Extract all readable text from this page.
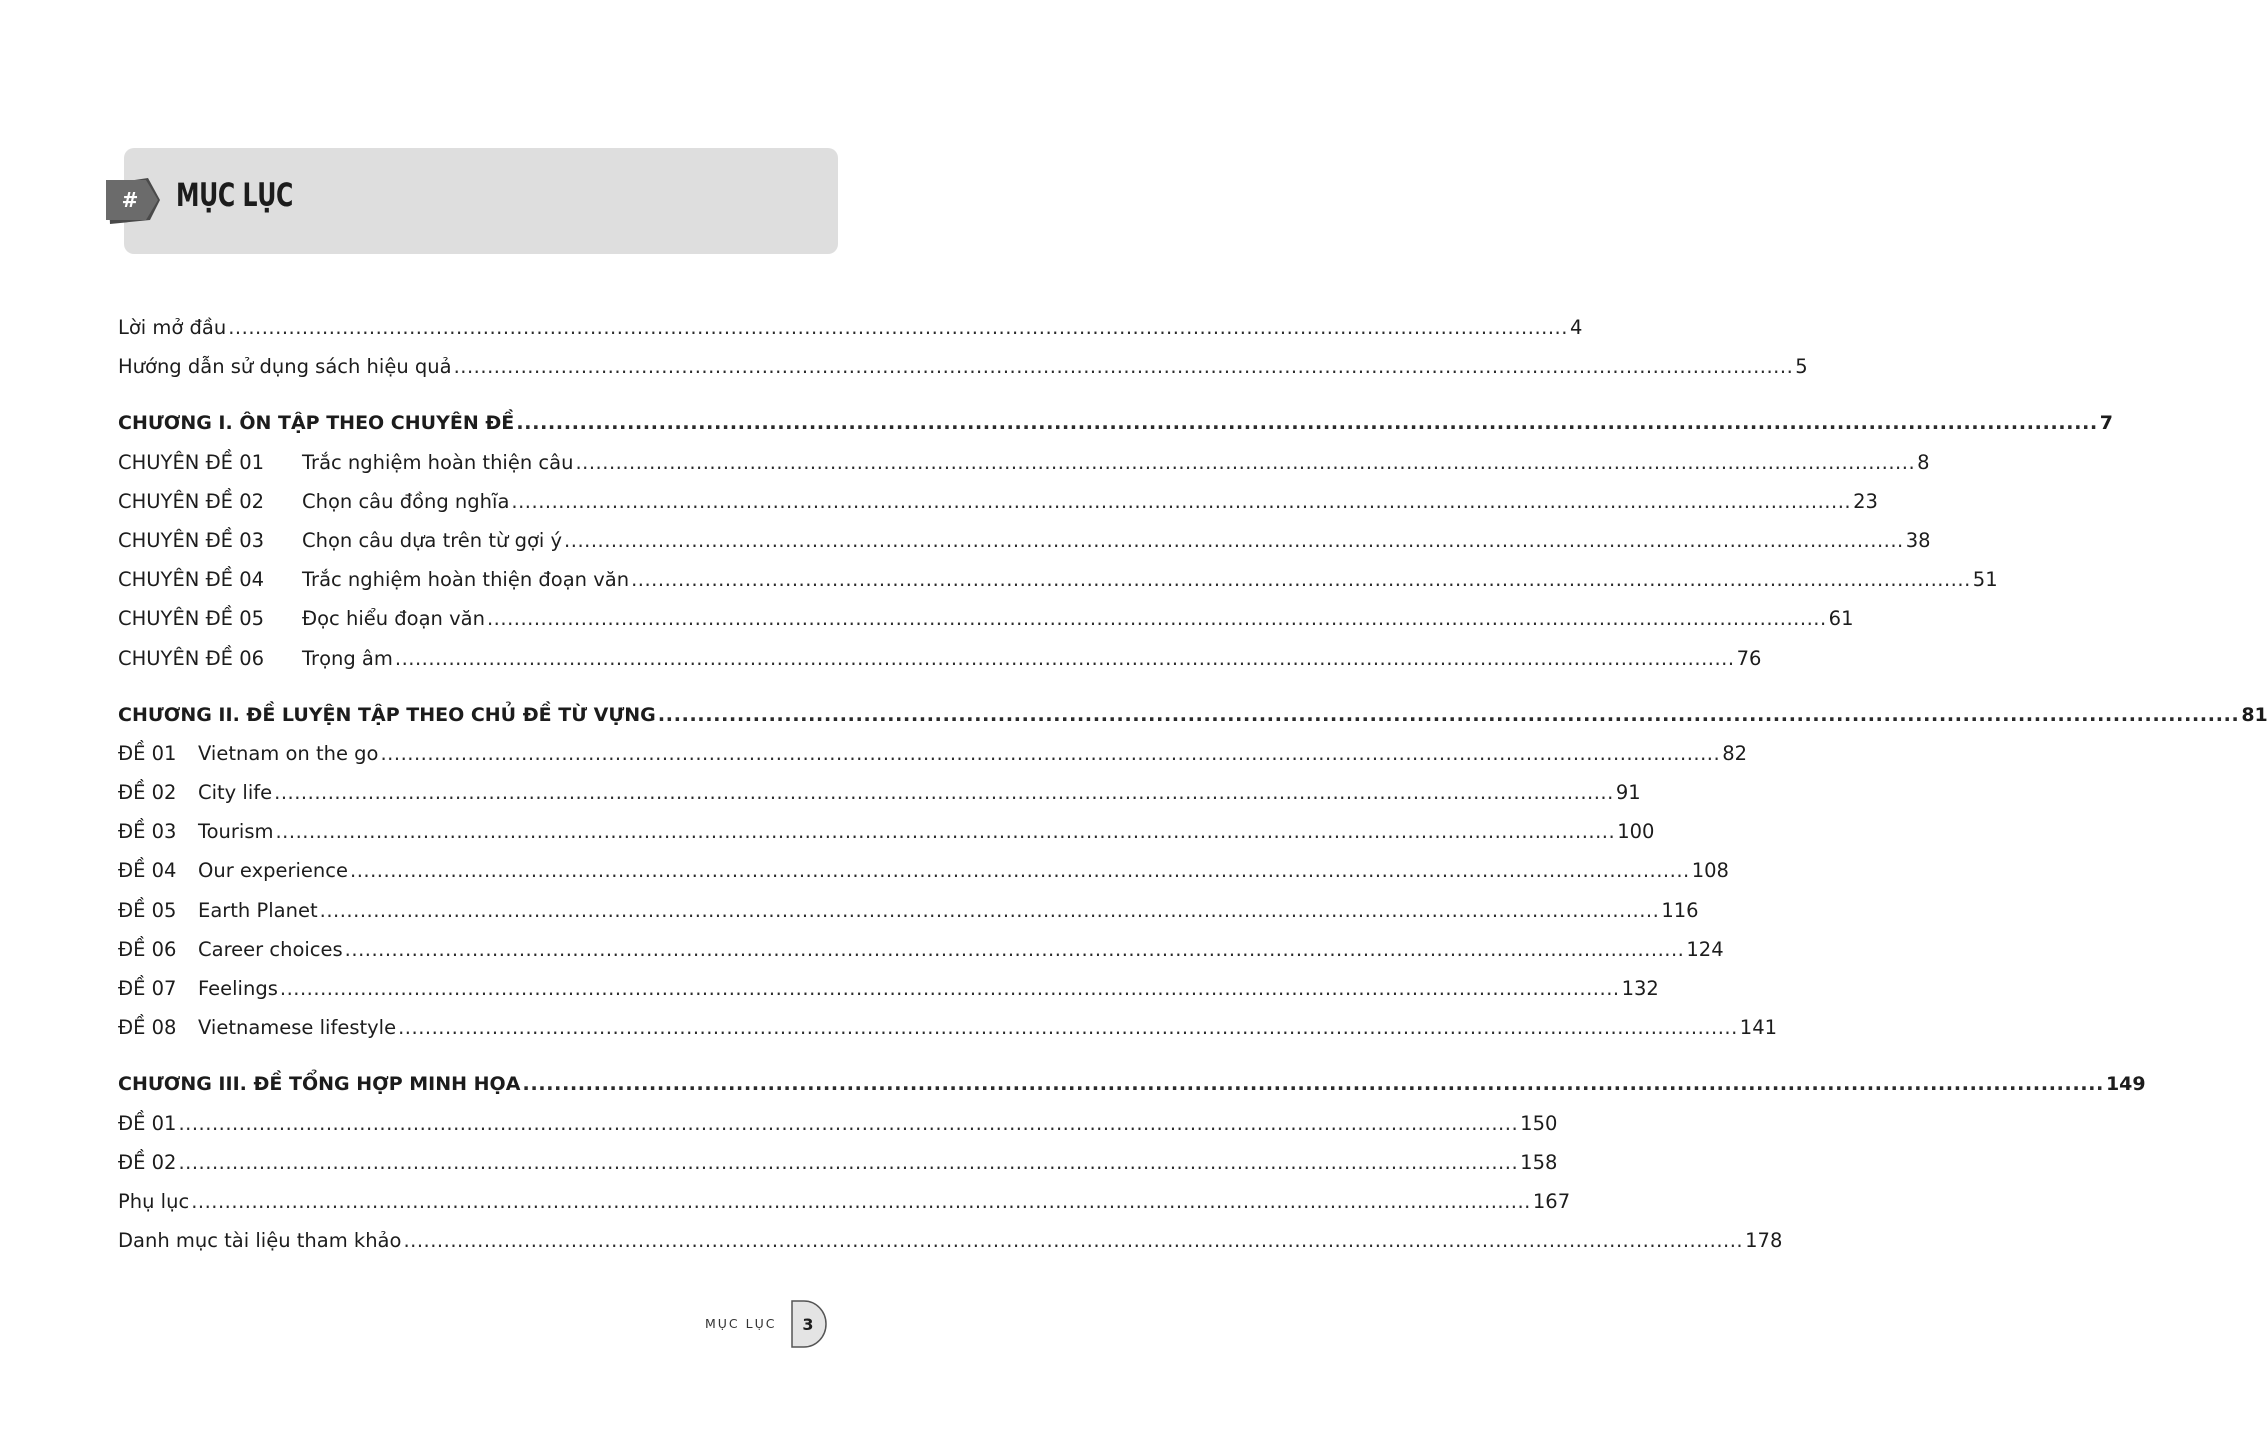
#	MỤC LỤC
Lời mở đầu ........................................................................................................................................................................................................ 4
Hướng dẫn sử dụng sách hiệu quả ........................................................................................................................................................................................................ 5
CHƯƠNG I. ÔN TẬP THEO CHUYÊN ĐỀ ........................................................................................................................................................................................................ 7
CHUYÊN ĐỀ 01	Trắc nghiệm hoàn thiện câu ........................................................................................................................................................................................................ 8
CHUYÊN ĐỀ 02	Chọn câu đồng nghĩa ........................................................................................................................................................................................................ 23
CHUYÊN ĐỀ 03	Chọn câu dựa trên từ gợi ý ........................................................................................................................................................................................................ 38
CHUYÊN ĐỀ 04	Trắc nghiệm hoàn thiện đoạn văn ........................................................................................................................................................................................................ 51
CHUYÊN ĐỀ 05	Đọc hiểu đoạn văn ........................................................................................................................................................................................................ 61
CHUYÊN ĐỀ 06	Trọng âm ........................................................................................................................................................................................................ 76
CHƯƠNG II. ĐỀ LUYỆN TẬP THEO CHỦ ĐỀ TỪ VỰNG ........................................................................................................................................................................................................ 81
ĐỀ 01	Vietnam on the go ........................................................................................................................................................................................................ 82
ĐỀ 02	City life ........................................................................................................................................................................................................ 91
ĐỀ 03	Tourism ........................................................................................................................................................................................................ 100
ĐỀ 04	Our experience ........................................................................................................................................................................................................ 108
ĐỀ 05	Earth Planet ........................................................................................................................................................................................................ 116
ĐỀ 06	Career choices ........................................................................................................................................................................................................ 124
ĐỀ 07	Feelings ........................................................................................................................................................................................................ 132
ĐỀ 08	Vietnamese lifestyle ........................................................................................................................................................................................................ 141
CHƯƠNG III. ĐỀ TỔNG HỢP MINH HỌA ........................................................................................................................................................................................................ 149
ĐỀ 01 ........................................................................................................................................................................................................ 150
ĐỀ 02 ........................................................................................................................................................................................................ 158
Phụ lục ........................................................................................................................................................................................................ 167
Danh mục tài liệu tham khảo ........................................................................................................................................................................................................ 178
MỤC LỤC	3
